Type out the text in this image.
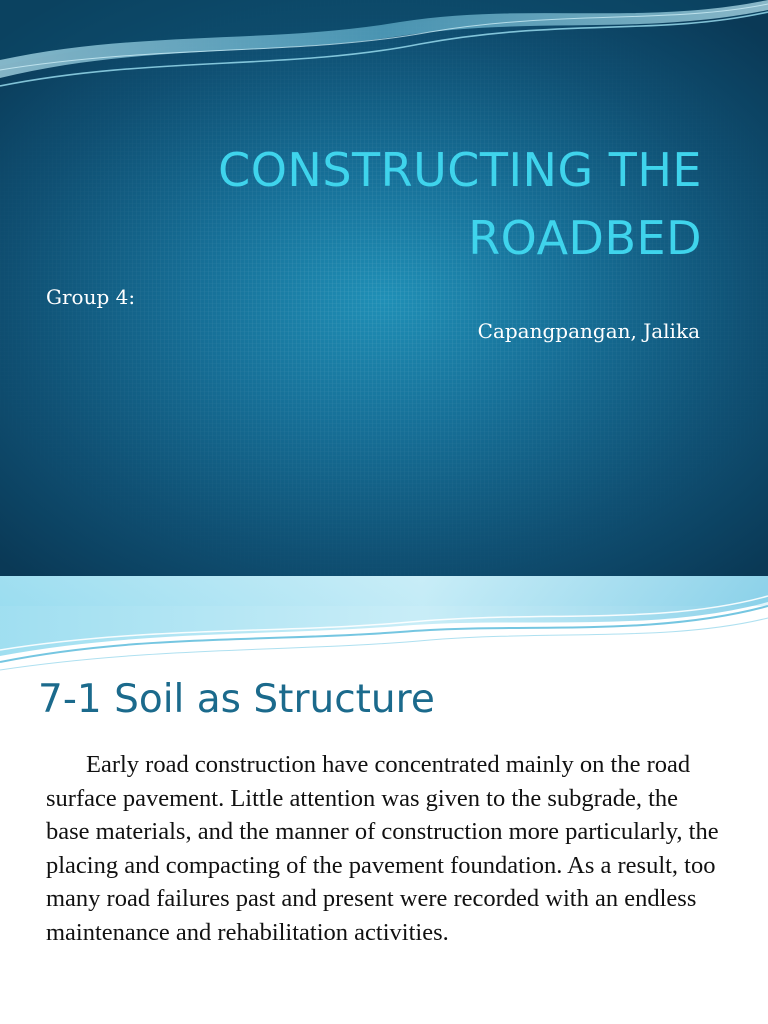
CONSTRUCTING THE
ROADBED
Group 4:
Capangpangan, Jalika
7-1 Soil as Structure

Early road construction have concentrated mainly on the road surface pavement. Little attention was given to the subgrade, the base materials, and the manner of construction more particularly, the placing and compacting of the pavement foundation. As a result, too many road failures past and present were recorded with an endless maintenance and rehabilitation activities.
